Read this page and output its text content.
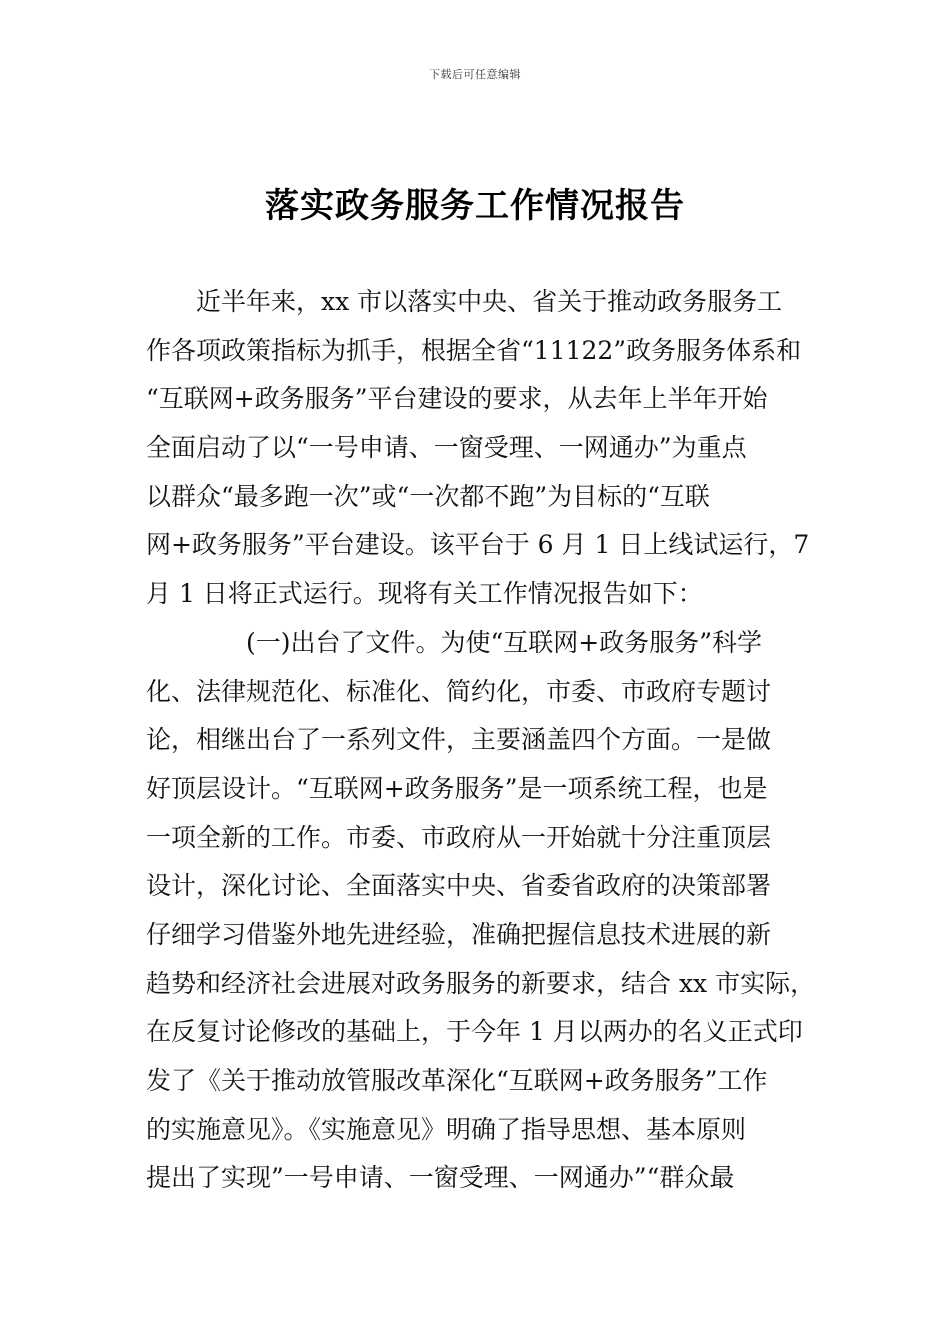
下载后可任意编辑
落实政务服务工作情况报告
近半年来，xx 市以落实中央、省关于推动政务服务工
作各项政策指标为抓手，根据全省“11122”政务服务体系和
“互联网+政务服务”平台建设的要求，从去年上半年开始
全面启动了以“一号申请、一窗受理、一网通办”为重点
以群众“最多跑一次”或“一次都不跑”为目标的“互联
网+政务服务”平台建设。该平台于 6 月 1 日上线试运行，7
月 1 日将正式运行。现将有关工作情况报告如下：
(一)出台了文件。为使“互联网+政务服务”科学
化、法律规范化、标准化、简约化，市委、市政府专题讨
论，相继出台了一系列文件，主要涵盖四个方面。一是做
好顶层设计。“互联网+政务服务”是一项系统工程，也是
一项全新的工作。市委、市政府从一开始就十分注重顶层
设计，深化讨论、全面落实中央、省委省政府的决策部署
仔细学习借鉴外地先进经验，准确把握信息技术进展的新
趋势和经济社会进展对政务服务的新要求，结合 xx 市实际，
在反复讨论修改的基础上，于今年 1 月以两办的名义正式印
发了《关于推动放管服改革深化“互联网+政务服务”工作
的实施意见》。《实施意见》明确了指导思想、基本原则
提出了实现”一号申请、一窗受理、一网通办”“群众最
